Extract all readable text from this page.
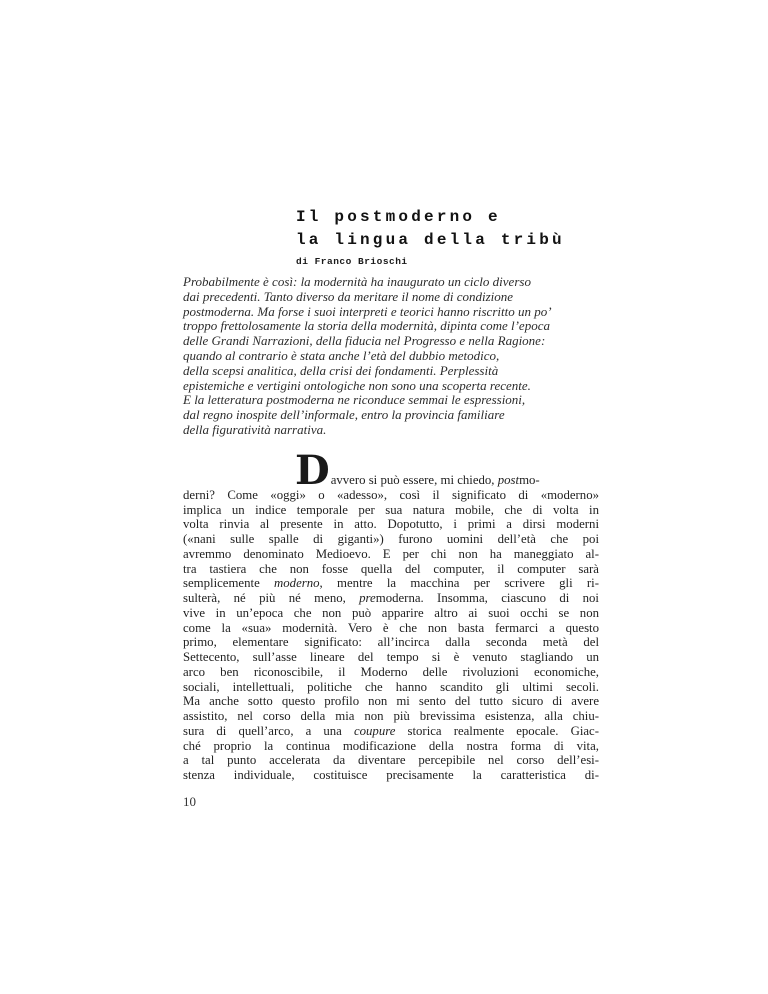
Il postmoderno e
la lingua della tribù
di Franco Brioschi
Probabilmente è così: la modernità ha inaugurato un ciclo diverso
dai precedenti. Tanto diverso da meritare il nome di condizione
postmoderna. Ma forse i suoi interpreti e teorici hanno riscritto un po’
troppo frettolosamente la storia della modernità, dipinta come l’epoca
delle Grandi Narrazioni, della fiducia nel Progresso e nella Ragione:
quando al contrario è stata anche l’età del dubbio metodico,
della scepsi analitica, della crisi dei fondamenti. Perplessità
epistemiche e vertigini ontologiche non sono una scoperta recente.
E la letteratura postmoderna ne riconduce semmai le espressioni,
dal regno inospite dell’informale, entro la provincia familiare
della figuratività narrativa.
Davvero si può essere, mi chiedo, postmo-
derni? Come «oggi» o «adesso», così il significato di «moderno»
implica un indice temporale per sua natura mobile, che di volta in
volta rinvia al presente in atto. Dopotutto, i primi a dirsi moderni
(«nani sulle spalle di giganti») furono uomini dell’età che poi
avremmo denominato Medioevo. E per chi non ha maneggiato al-
tra tastiera che non fosse quella del computer, il computer sarà
semplicemente moderno, mentre la macchina per scrivere gli ri-
sulterà, né più né meno, premoderna. Insomma, ciascuno di noi
vive in un’epoca che non può apparire altro ai suoi occhi se non
come la «sua» modernità. Vero è che non basta fermarci a questo
primo, elementare significato: all’incirca dalla seconda metà del
Settecento, sull’asse lineare del tempo si è venuto stagliando un
arco ben riconoscibile, il Moderno delle rivoluzioni economiche,
sociali, intellettuali, politiche che hanno scandito gli ultimi secoli.
Ma anche sotto questo profilo non mi sento del tutto sicuro di avere
assistito, nel corso della mia non più brevissima esistenza, alla chiu-
sura di quell’arco, a una coupure storica realmente epocale. Giac-
ché proprio la continua modificazione della nostra forma di vita,
a tal punto accelerata da diventare percepibile nel corso dell’esi-
stenza individuale, costituisce precisamente la caratteristica di-
10
